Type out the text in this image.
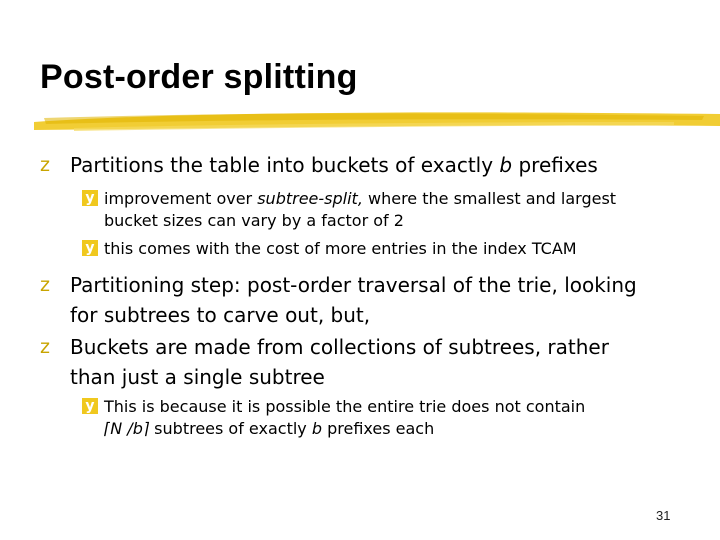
Post-order splitting
z	Partitions the table into buckets of exactly b prefixes
y improvement over subtree-split, where the smallest and largest
bucket sizes can vary by a factor of 2
y this comes with the cost of more entries in the index TCAM
z	Partitioning step: post-order traversal of the trie, looking
for subtrees to carve out, but,
z	Buckets are made from collections of subtrees, rather
than just a single subtree
y This is because it is possible the entire trie does not contain
⌈N /b⌉ subtrees of exactly b prefixes each
31
